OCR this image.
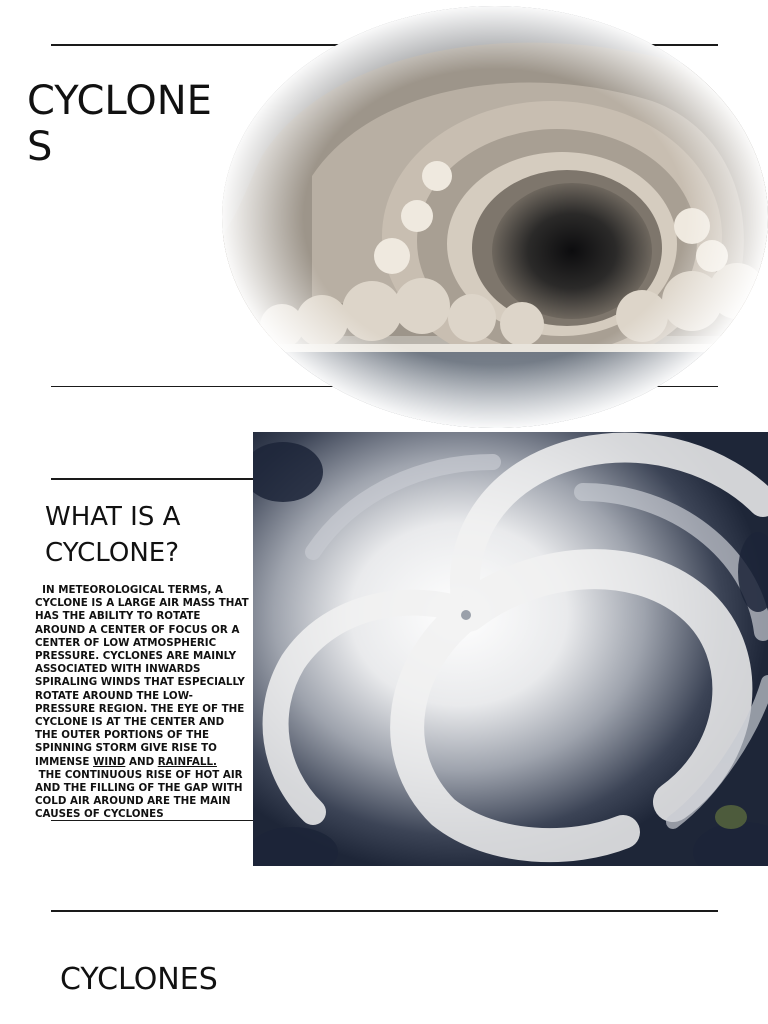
CYCLONE
S
WHAT IS A
CYCLONE?

IN METEOROLOGICAL TERMS, A CYCLONE IS A LARGE AIR MASS THAT HAS THE ABILITY TO ROTATE AROUND A CENTER OF FOCUS OR A CENTER OF LOW ATMOSPHERIC PRESSURE. CYCLONES ARE MAINLY ASSOCIATED WITH INWARDS SPIRALING WINDS THAT ESPECIALLY ROTATE AROUND THE LOW-PRESSURE REGION. THE EYE OF THE CYCLONE IS AT THE CENTER AND THE OUTER PORTIONS OF THE SPINNING STORM GIVE RISE TO IMMENSE WIND AND RAINFALL.
THE CONTINUOUS RISE OF HOT AIR AND THE FILLING OF THE GAP WITH COLD AIR AROUND ARE THE MAIN CAUSES OF CYCLONES

CYCLONES
